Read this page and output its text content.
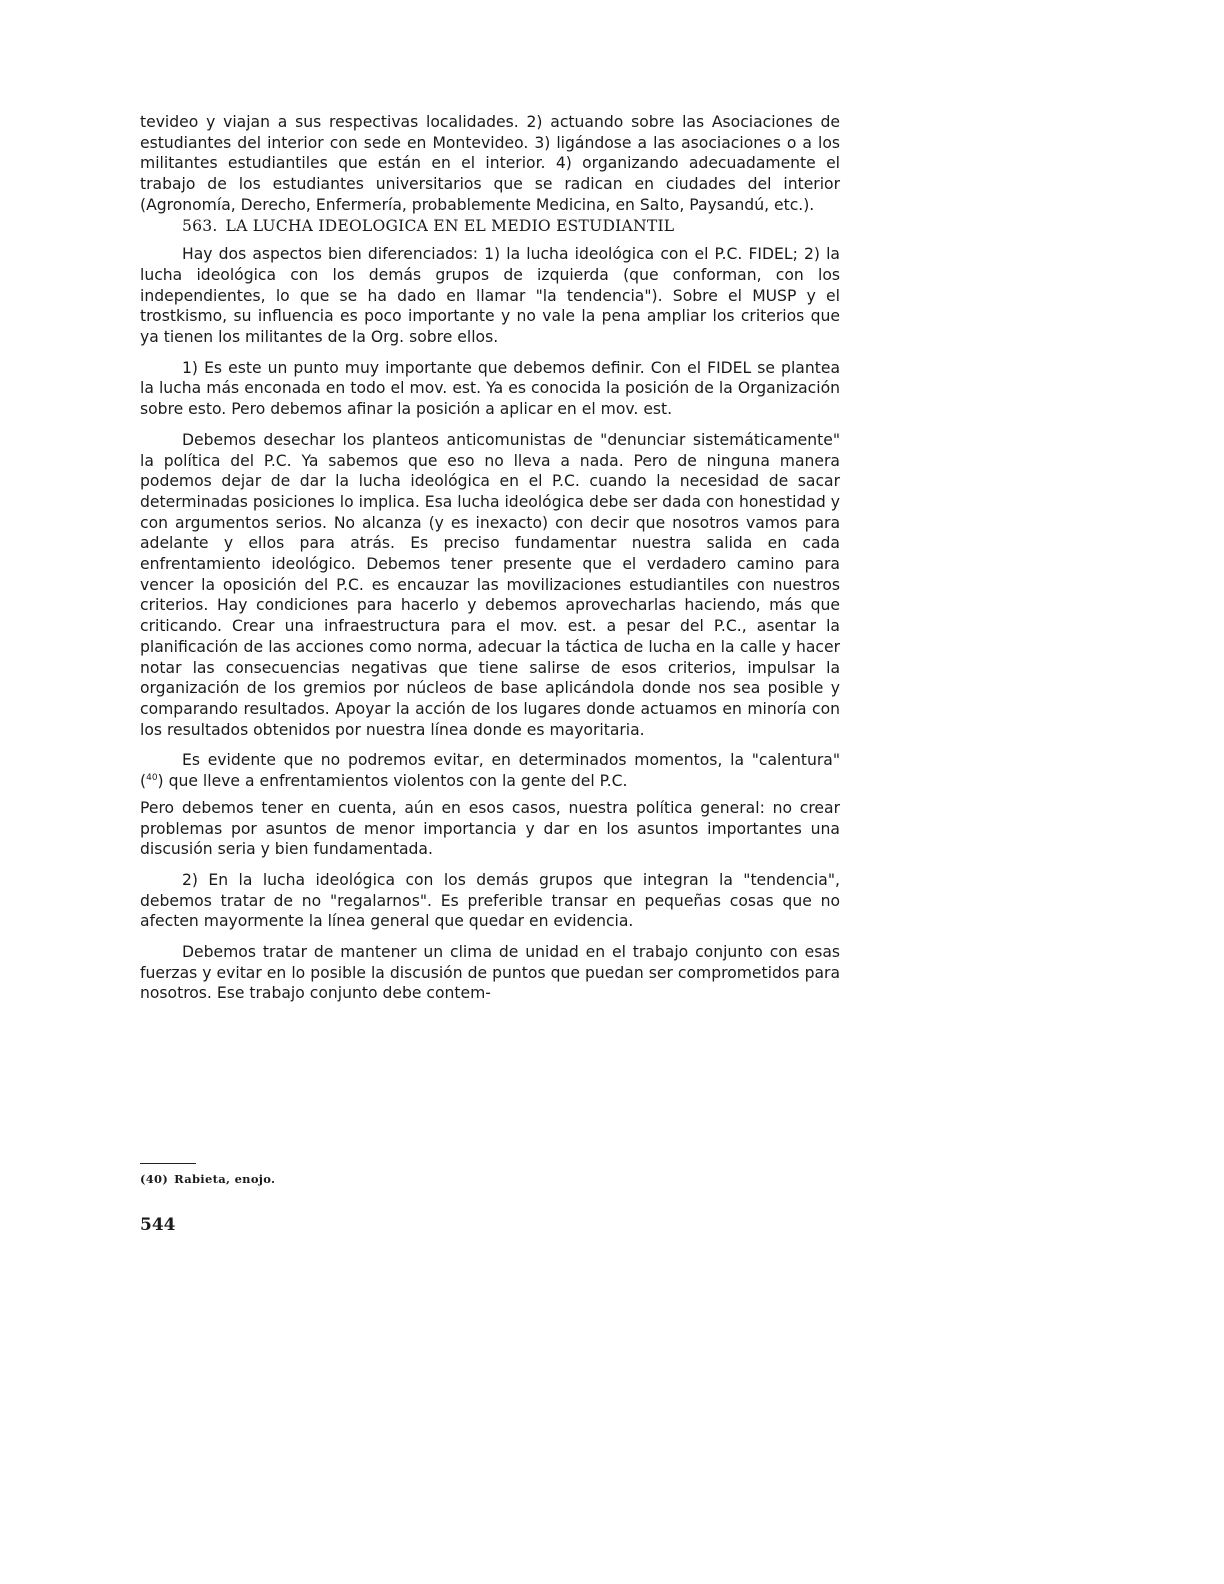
tevideo y viajan a sus respectivas localidades. 2) actuando sobre las Asociaciones de estudiantes del interior con sede en Montevideo. 3) ligándose a las asociaciones o a los militantes estudiantiles que están en el interior. 4) organizando adecuadamente el trabajo de los estudiantes universitarios que se radican en ciudades del interior (Agronomía, Derecho, Enfermería, probablemente Medicina, en Salto, Paysandú, etc.).

563. LA LUCHA IDEOLOGICA EN EL MEDIO ESTUDIANTIL

Hay dos aspectos bien diferenciados: 1) la lucha ideológica con el P.C. FIDEL; 2) la lucha ideológica con los demás grupos de izquierda (que conforman, con los independientes, lo que se ha dado en llamar "la tendencia"). Sobre el MUSP y el trostkismo, su influencia es poco importante y no vale la pena ampliar los criterios que ya tienen los militantes de la Org. sobre ellos.

1) Es este un punto muy importante que debemos definir. Con el FIDEL se plantea la lucha más enconada en todo el mov. est. Ya es conocida la posición de la Organización sobre esto. Pero debemos afinar la posición a aplicar en el mov. est.

Debemos desechar los planteos anticomunistas de "denunciar sistemáticamente" la política del P.C. Ya sabemos que eso no lleva a nada. Pero de ninguna manera podemos dejar de dar la lucha ideológica en el P.C. cuando la necesidad de sacar determinadas posiciones lo implica. Esa lucha ideológica debe ser dada con honestidad y con argumentos serios. No alcanza (y es inexacto) con decir que nosotros vamos para adelante y ellos para atrás. Es preciso fundamentar nuestra salida en cada enfrentamiento ideológico. Debemos tener presente que el verdadero camino para vencer la oposición del P.C. es encauzar las movilizaciones estudiantiles con nuestros criterios. Hay condiciones para hacerlo y debemos aprovecharlas haciendo, más que criticando. Crear una infraestructura para el mov. est. a pesar del P.C., asentar la planificación de las acciones como norma, adecuar la táctica de lucha en la calle y hacer notar las consecuencias negativas que tiene salirse de esos criterios, impulsar la organización de los gremios por núcleos de base aplicándola donde nos sea posible y comparando resultados. Apoyar la acción de los lugares donde actuamos en minoría con los resultados obtenidos por nuestra línea donde es mayoritaria.

Es evidente que no podremos evitar, en determinados momentos, la "calentura" ($^{40}$) que lleve a enfrentamientos violentos con la gente del P.C.

Pero debemos tener en cuenta, aún en esos casos, nuestra política general: no crear problemas por asuntos de menor importancia y dar en los asuntos importantes una discusión seria y bien fundamentada.

2) En la lucha ideológica con los demás grupos que integran la "tendencia", debemos tratar de no "regalarnos". Es preferible transar en pequeñas cosas que no afecten mayormente la línea general que quedar en evidencia.

Debemos tratar de mantener un clima de unidad en el trabajo conjunto con esas fuerzas y evitar en lo posible la discusión de puntos que puedan ser comprometidos para nosotros. Ese trabajo conjunto debe contem-

(40) Rabieta, enojo.
544
